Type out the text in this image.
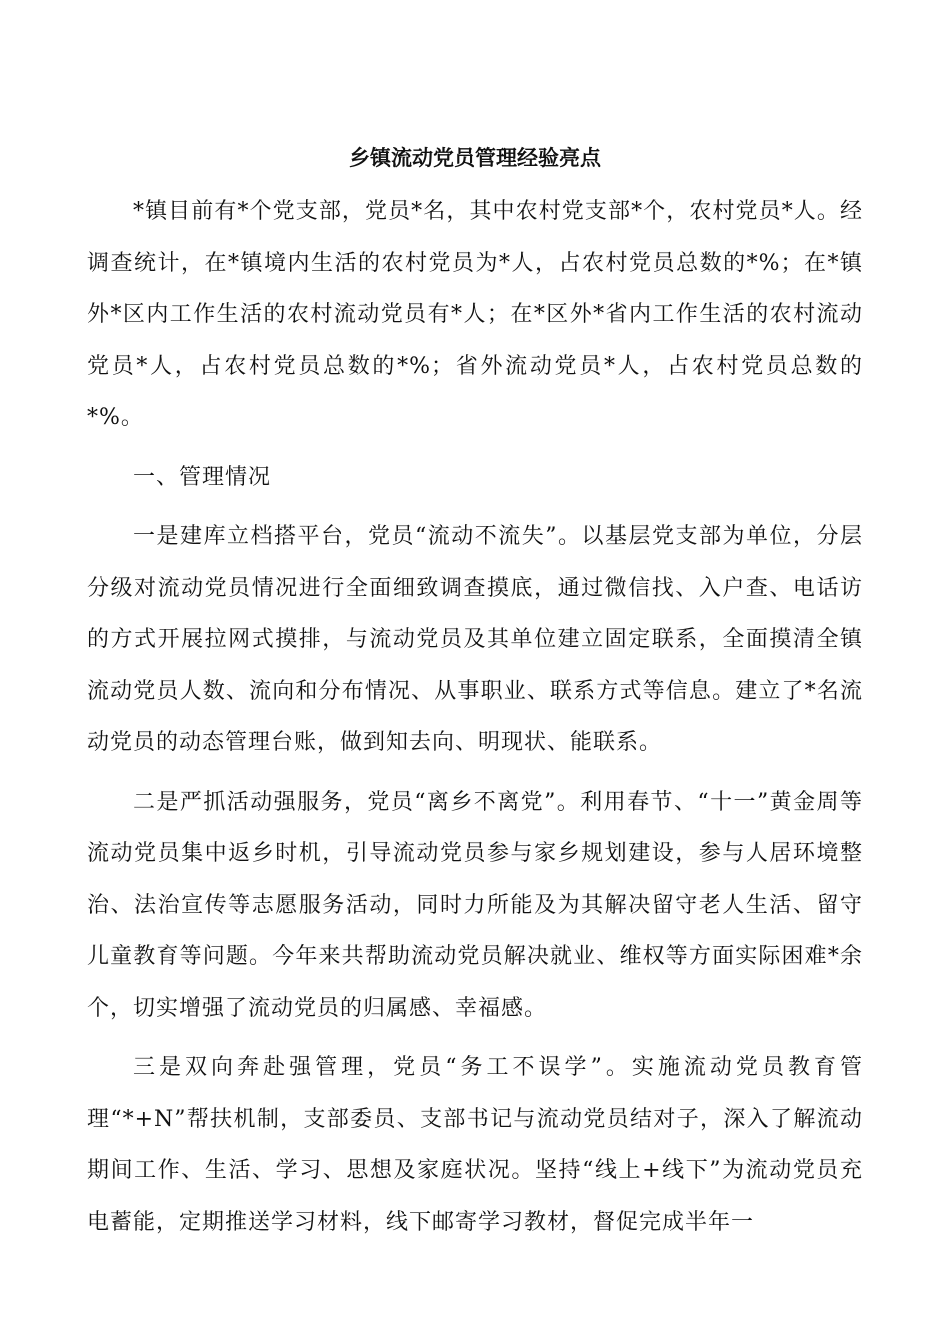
乡镇流动党员管理经验亮点

*镇目前有*个党支部，党员*名，其中农村党支部*个，农村党员*人。经调查统计，在*镇境内生活的农村党员为*人，占农村党员总数的*%；在*镇外*区内工作生活的农村流动党员有*人；在*区外*省内工作生活的农村流动党员*人，占农村党员总数的*%；省外流动党员*人，占农村党员总数的*%。

一、管理情况

一是建库立档搭平台，党员“流动不流失”。以基层党支部为单位，分层分级对流动党员情况进行全面细致调查摸底，通过微信找、入户查、电话访的方式开展拉网式摸排，与流动党员及其单位建立固定联系，全面摸清全镇流动党员人数、流向和分布情况、从事职业、联系方式等信息。建立了*名流动党员的动态管理台账，做到知去向、明现状、能联系。

二是严抓活动强服务，党员“离乡不离党”。利用春节、“十一”黄金周等流动党员集中返乡时机，引导流动党员参与家乡规划建设，参与人居环境整治、法治宣传等志愿服务活动，同时力所能及为其解决留守老人生活、留守儿童教育等问题。今年来共帮助流动党员解决就业、维权等方面实际困难*余个，切实增强了流动党员的归属感、幸福感。

三是双向奔赴强管理，党员“务工不误学”。实施流动党员教育管理“*+N”帮扶机制，支部委员、支部书记与流动党员结对子，深入了解流动期间工作、生活、学习、思想及家庭状况。坚持“线上+线下”为流动党员充电蓄能，定期推送学习材料，线下邮寄学习教材，督促完成半年一
